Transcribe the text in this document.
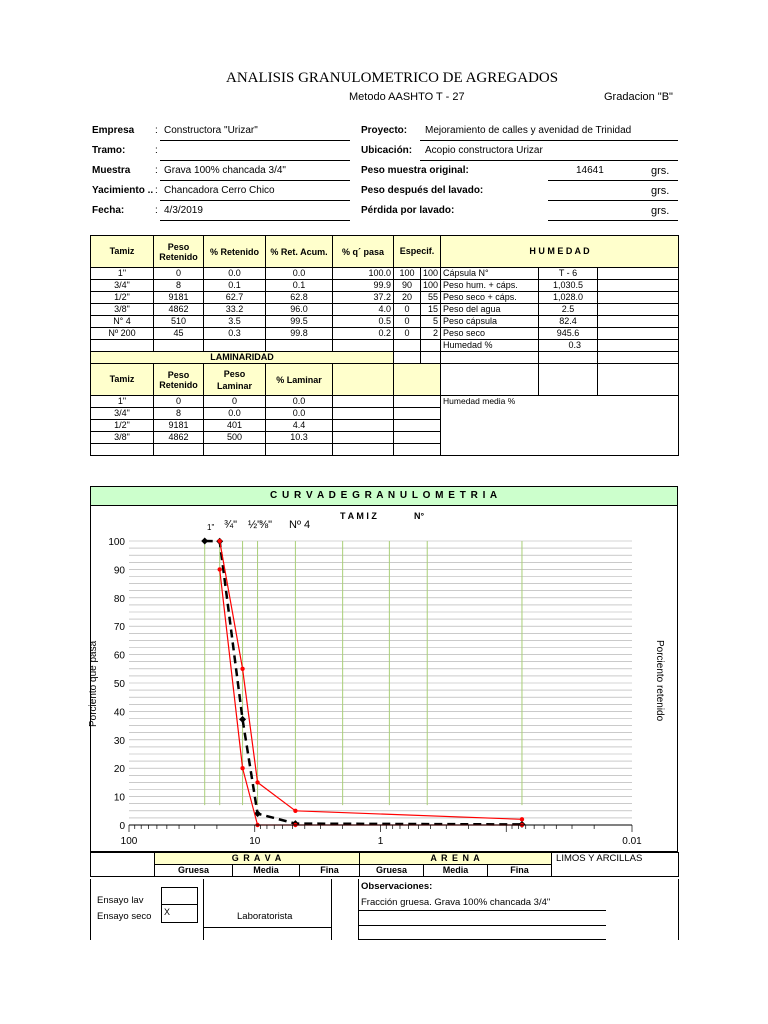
ANALISIS GRANULOMETRICO DE AGREGADOS
Metodo AASHTO T - 27	Gradacion "B"
Empresa : Constructora "Urizar"
Tramo:	:
Muestra : Grava 100% chancada 3/4"
Yacimiento .. : Chancadora Cerro Chico
Fecha:	: 4/3/2019
Proyecto: Mejoramiento de calles y avenidad de Trinidad
Ubicación: Acopio constructora Urizar
Peso muestra original:	14641	grs.
Peso después del lavado:	grs.
Pérdida por lavado:	grs.
Tamiz	Peso Retenido	% Retenido	% Ret. Acum.	% q´ pasa	Especif.		H U M E D A D		
1"	0	0.0	0.0	100.0	100	100	Cápsula N°	T - 6	
3/4"	8	0.1	0.1	99.9	90	100	Peso hum. + cáps.	1,030.5	
1/2"	9181	62.7	62.8	37.2	20	55	Peso seco + cáps.	1,028.0	
3/8"	4862	33.2	96.0	4.0	0	15	Peso del agua	2.5	
N° 4	510	3.5	99.5	0.5	0	5	Peso cápsula	82.4	
Nº 200	45	0.3	99.8	0.2	0	2	Peso seco	945.6	
							Humedad %	0.3	
LAMINARIDAD									
Tamiz	Peso Retenido	Peso Laminar	% Laminar						
1"	0	0	0.0				Humedad media %		

3/4"	8	0.0	0.0						
1/2"	9181	401	4.4						
3/8"	4862	500	10.3						

C U R V A D E G R A N U L O M E T R I A
T A M I Z	N°
1" ¾" ½"
⅜" Nº 4
Porciento que pasa	Porciento retenido
100	10	1	0.01
0
10
20
30
40
50
60
70
80
90
100
	G R A V A			A R E N A			LIMOS Y ARCILLAS
	Gruesa	Media	Fina	Gruesa	Media	Fina	
Ensayo lav
Ensayo seco X	Laboratorista
Observaciones:
Fracción gruesa. Grava 100% chancada 3/4"
